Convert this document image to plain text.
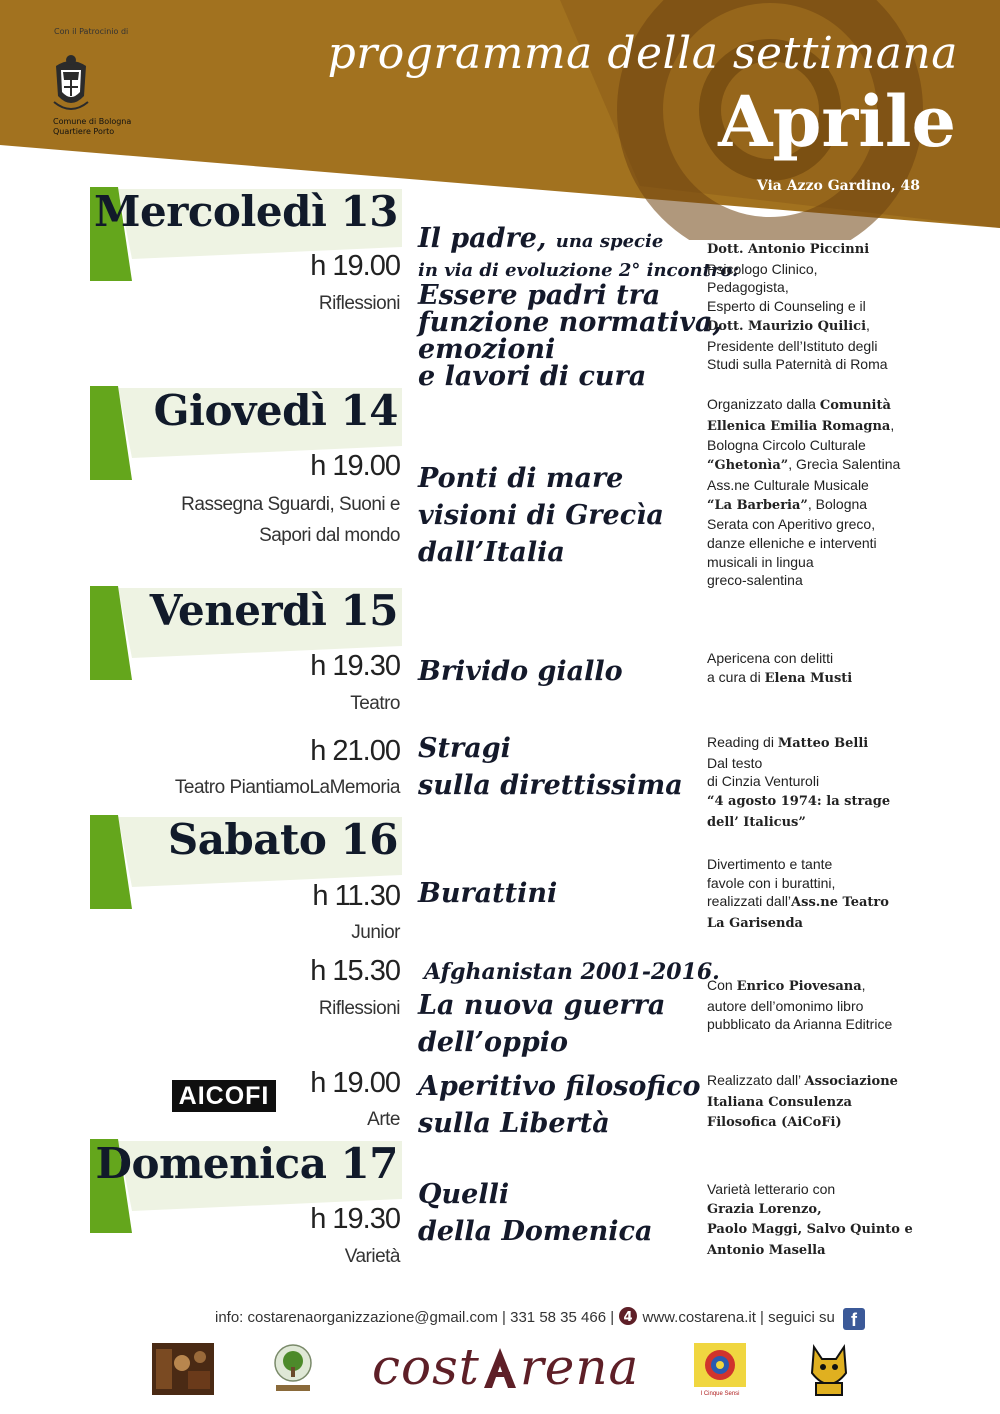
Con il Patrocinio di
Comune di Bologna
Quartiere Porto
programma della settimana
Aprile
Via Azzo Gardino, 48
Mercoledì 13
Giovedì 14
Venerdì 15
Sabato 16
Domenica 17
h 19.00
Riflessioni
Il padre, una specie
in via di evoluzione 2° incontro:
Essere padri tra
funzione normativa,
emozioni
e lavori di cura
Dott. Antonio Piccinni
Psicologo Clinico,
Pedagogista,
Esperto di Counseling e il
Dott. Maurizio Quilici,
Presidente dell’Istituto degli
Studi sulla Paternità di Roma
h 19.00
Rassegna Sguardi, Suoni e
Sapori dal mondo
Ponti di mare
visioni di Grecìa
dall’Italia
Organizzato dalla Comunità
Ellenica Emilia Romagna,
Bologna Circolo Culturale
“Ghetonìa”, Grecìa Salentina
Ass.ne Culturale Musicale
“La Barberia”, Bologna
Serata con Aperitivo greco,
danze elleniche e interventi
musicali in lingua
greco-salentina
h 19.30
Teatro
Brivido giallo	Apericena con delitti
a cura di Elena Musti
h 21.00
Teatro PiantiamoLaMemoria
Stragi
sulla direttissima
Reading di Matteo Belli
Dal testo
di Cinzia Venturoli
“4 agosto 1974: la strage
dell’ Italicus”
h 11.30
Junior
Burattini
Divertimento e tante
favole con i burattini,
realizzati dall’Ass.ne Teatro
La Garisenda
h 15.30
Riflessioni
Afghanistan 2001-2016.
La nuova guerra
dell’oppio
Con Enrico Piovesana,
autore dell’omonimo libro
pubblicato da Arianna Editrice
AICOFI h 19.00
Arte
Aperitivo filosofico
sulla Libertà
Realizzato dall’ Associazione
Italiana Consulenza
Filosofica (AiCoFi)
h 19.30
Varietà
Quelli
della Domenica
Varietà letterario con
Grazia Lorenzo,
Paolo Maggi, Salvo Quinto e
Antonio Masella
info: costarenaorganizzazione@gmail.com | 331 58 35 466 | 4 www.costarena.it | seguici su f
cost rena	I Cinque Sensi
